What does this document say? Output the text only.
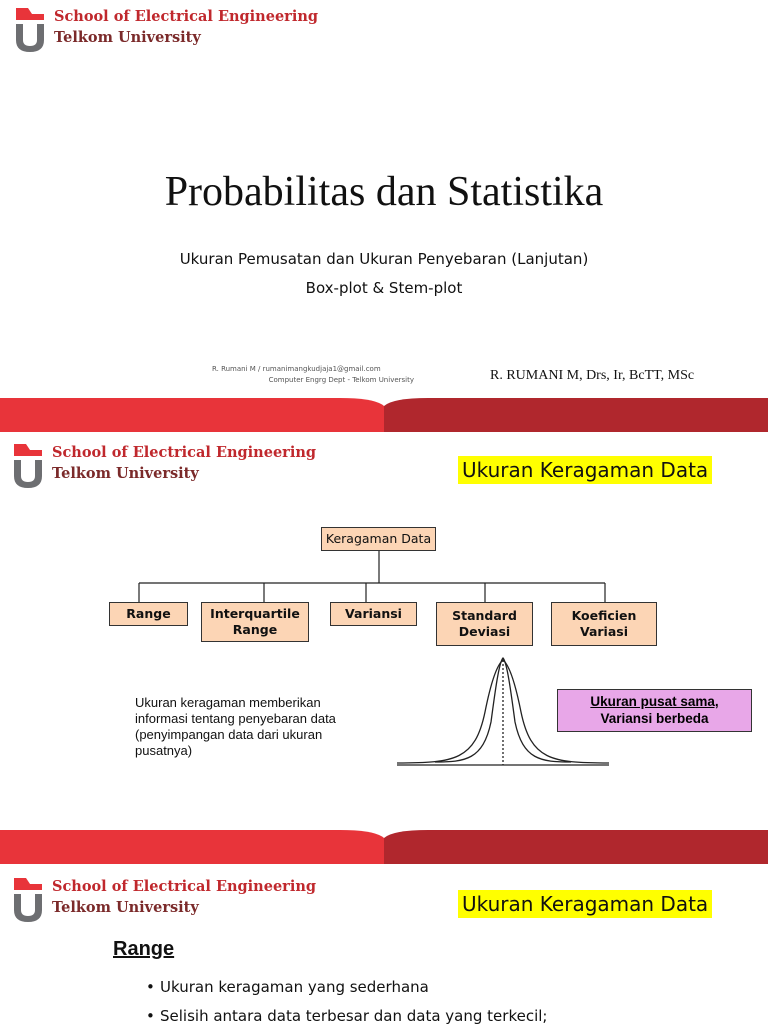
School of Electrical Engineering
Telkom University
Probabilitas dan Statistika
Ukuran Pemusatan dan Ukuran Penyebaran (Lanjutan)
Box-plot & Stem-plot
R. Rumani M / rumanimangkudjaja1@gmail.com
Computer Engrg Dept - Telkom University	R. RUMANI M, Drs, Ir, BcTT, MSc
School of Electrical Engineering
Telkom University	Ukuran Keragaman Data
Keragaman Data
Range	Interquartile
Range
Variansi	Standard
Deviasi
Koeficien
Variasi
Ukuran keragaman memberikan
informasi tentang penyebaran data
(penyimpangan data dari ukuran
pusatnya)
Ukuran pusat sama,
Variansi berbeda
School of Electrical Engineering
Telkom University	Ukuran Keragaman Data
Range
• Ukuran keragaman yang sederhana
• Selisih antara data terbesar dan data yang terkecil;
